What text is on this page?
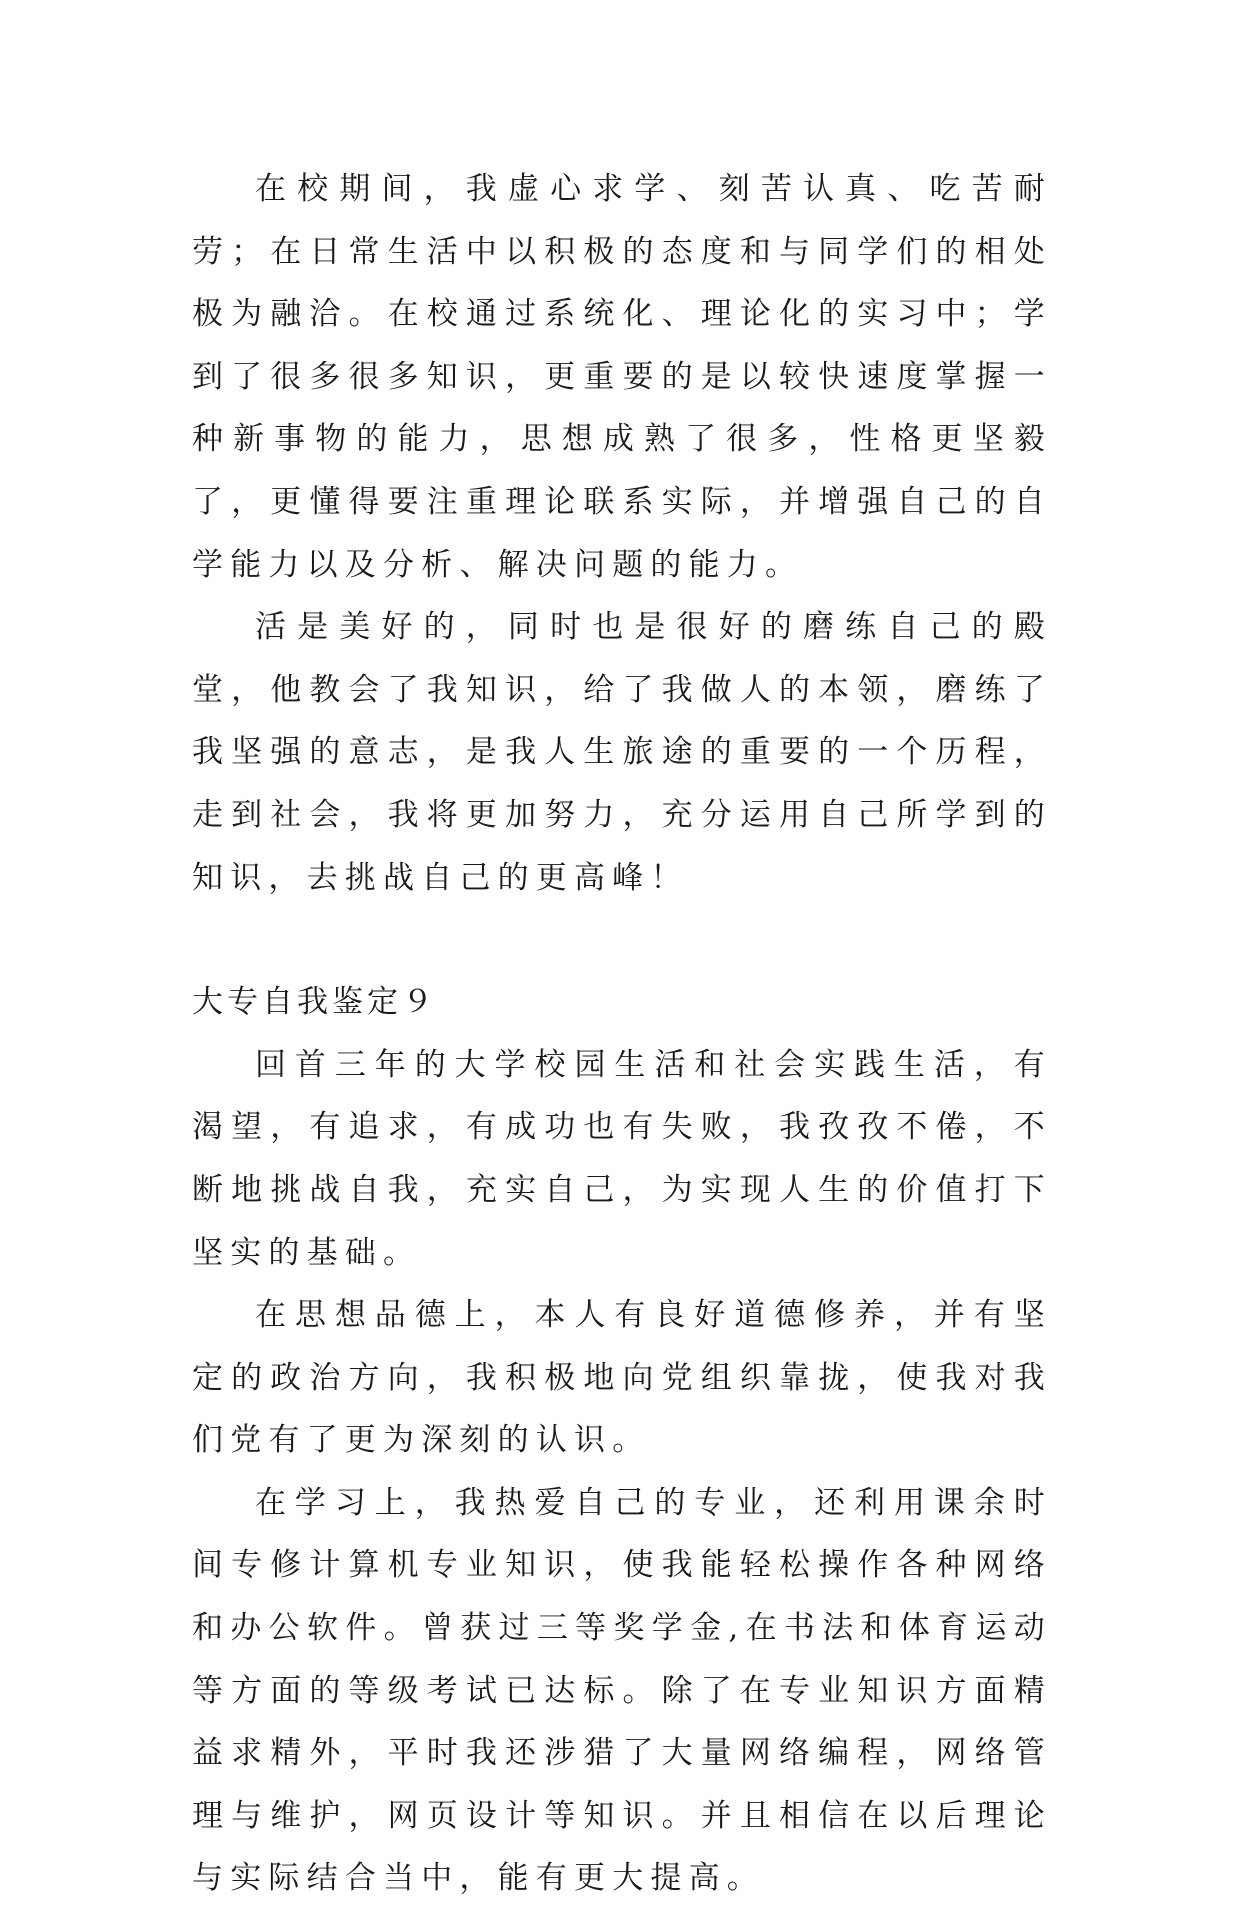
在校期间，我虚心求学、刻苦认真、吃苦耐劳；在日常生活中以积极的态度和与同学们的相处极为融洽。在校通过系统化、理论化的实习中；学到了很多很多知识，更重要的是以较快速度掌握一种新事物的能力，思想成熟了很多，性格更坚毅了，更懂得要注重理论联系实际，并增强自己的自学能力以及分析、解决问题的能力。

活是美好的，同时也是很好的磨练自己的殿堂，他教会了我知识，给了我做人的本领，磨练了我坚强的意志，是我人生旅途的重要的一个历程，走到社会，我将更加努力，充分运用自己所学到的知识，去挑战自己的更高峰！

大专自我鉴定９

回首三年的大学校园生活和社会实践生活，有渴望，有追求，有成功也有失败，我孜孜不倦，不断地挑战自我，充实自己，为实现人生的价值打下坚实的基础。

在思想品德上，本人有良好道德修养，并有坚定的政治方向，我积极地向党组织靠拢，使我对我们党有了更为深刻的认识。

在学习上，我热爱自己的专业，还利用课余时间专修计算机专业知识，使我能轻松操作各种网络和办公软件。曾获过三等奖学金,在书法和体育运动等方面的等级考试已达标。除了在专业知识方面精益求精外，平时我还涉猎了大量网络编程，网络管理与维护，网页设计等知识。并且相信在以后理论与实际结合当中，能有更大提高。
